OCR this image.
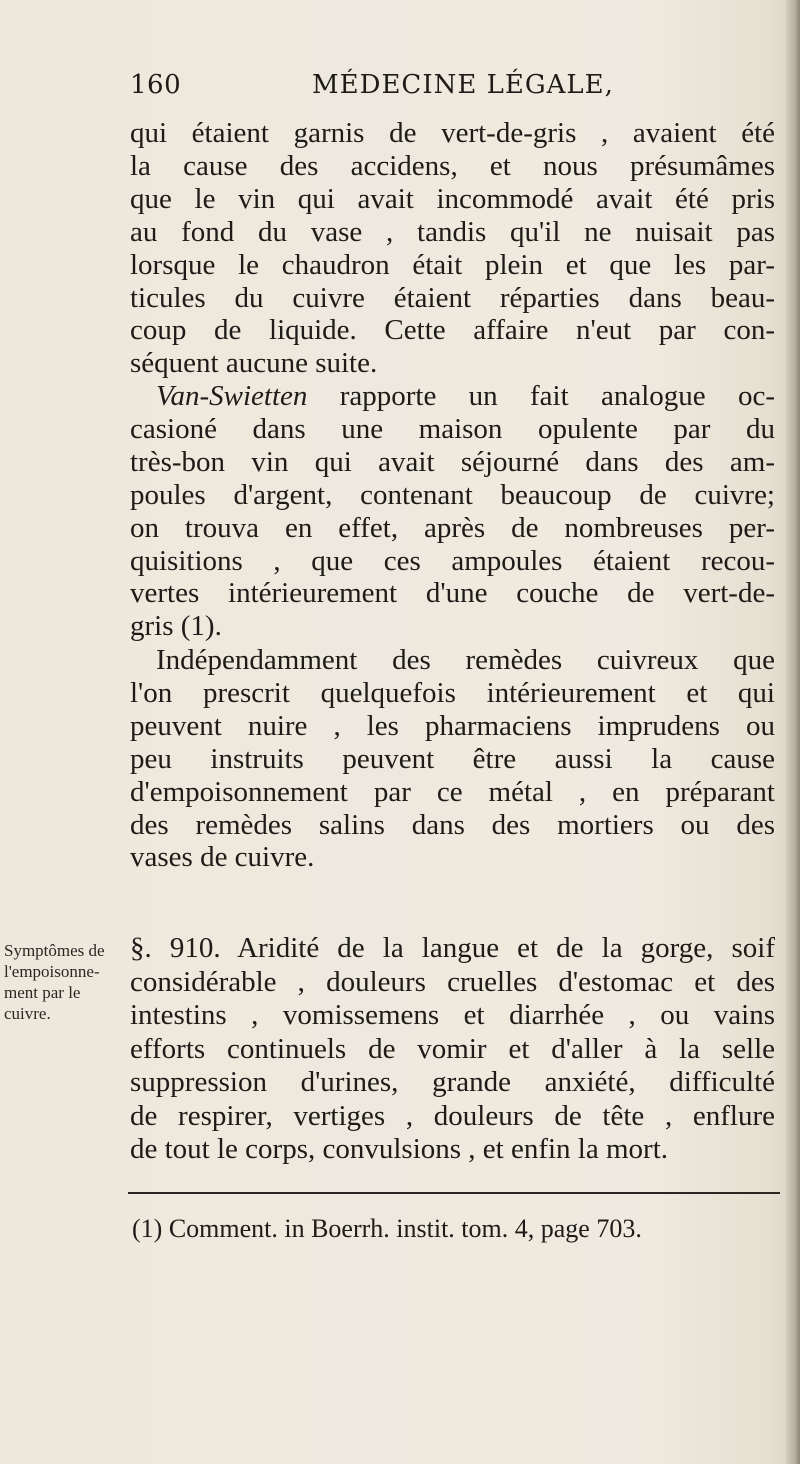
160	MÉDECINE LÉGALE,
qui étaient garnis de vert-de-gris , avaient été
la cause des accidens, et nous présumâmes
que le vin qui avait incommodé avait été pris
au fond du vase , tandis qu'il ne nuisait pas
lorsque le chaudron était plein et que les par-
ticules du cuivre étaient réparties dans beau-
coup de liquide. Cette affaire n'eut par con-
séquent aucune suite.
Van-Swietten rapporte un fait analogue oc-
casioné dans une maison opulente par du
très-bon vin qui avait séjourné dans des am-
poules d'argent, contenant beaucoup de cuivre;
on trouva en effet, après de nombreuses per-
quisitions , que ces ampoules étaient recou-
vertes intérieurement d'une couche de vert-de-
gris (1).
Indépendamment des remèdes cuivreux que
l'on prescrit quelquefois intérieurement et qui
peuvent nuire , les pharmaciens imprudens ou
peu instruits peuvent être aussi la cause
d'empoisonnement par ce métal , en préparant
des remèdes salins dans des mortiers ou des
vases de cuivre.
Symptômes de
l'empoisonne-
ment par le
cuivre.
§. 910. Aridité de la langue et de la gorge, soif
considérable , douleurs cruelles d'estomac et des
intestins , vomissemens et diarrhée , ou vains
efforts continuels de vomir et d'aller à la selle
suppression d'urines, grande anxiété, difficulté
de respirer, vertiges , douleurs de tête , enflure
de tout le corps, convulsions , et enfin la mort.
(1) Comment. in Boerrh. instit. tom. 4, page 703.
